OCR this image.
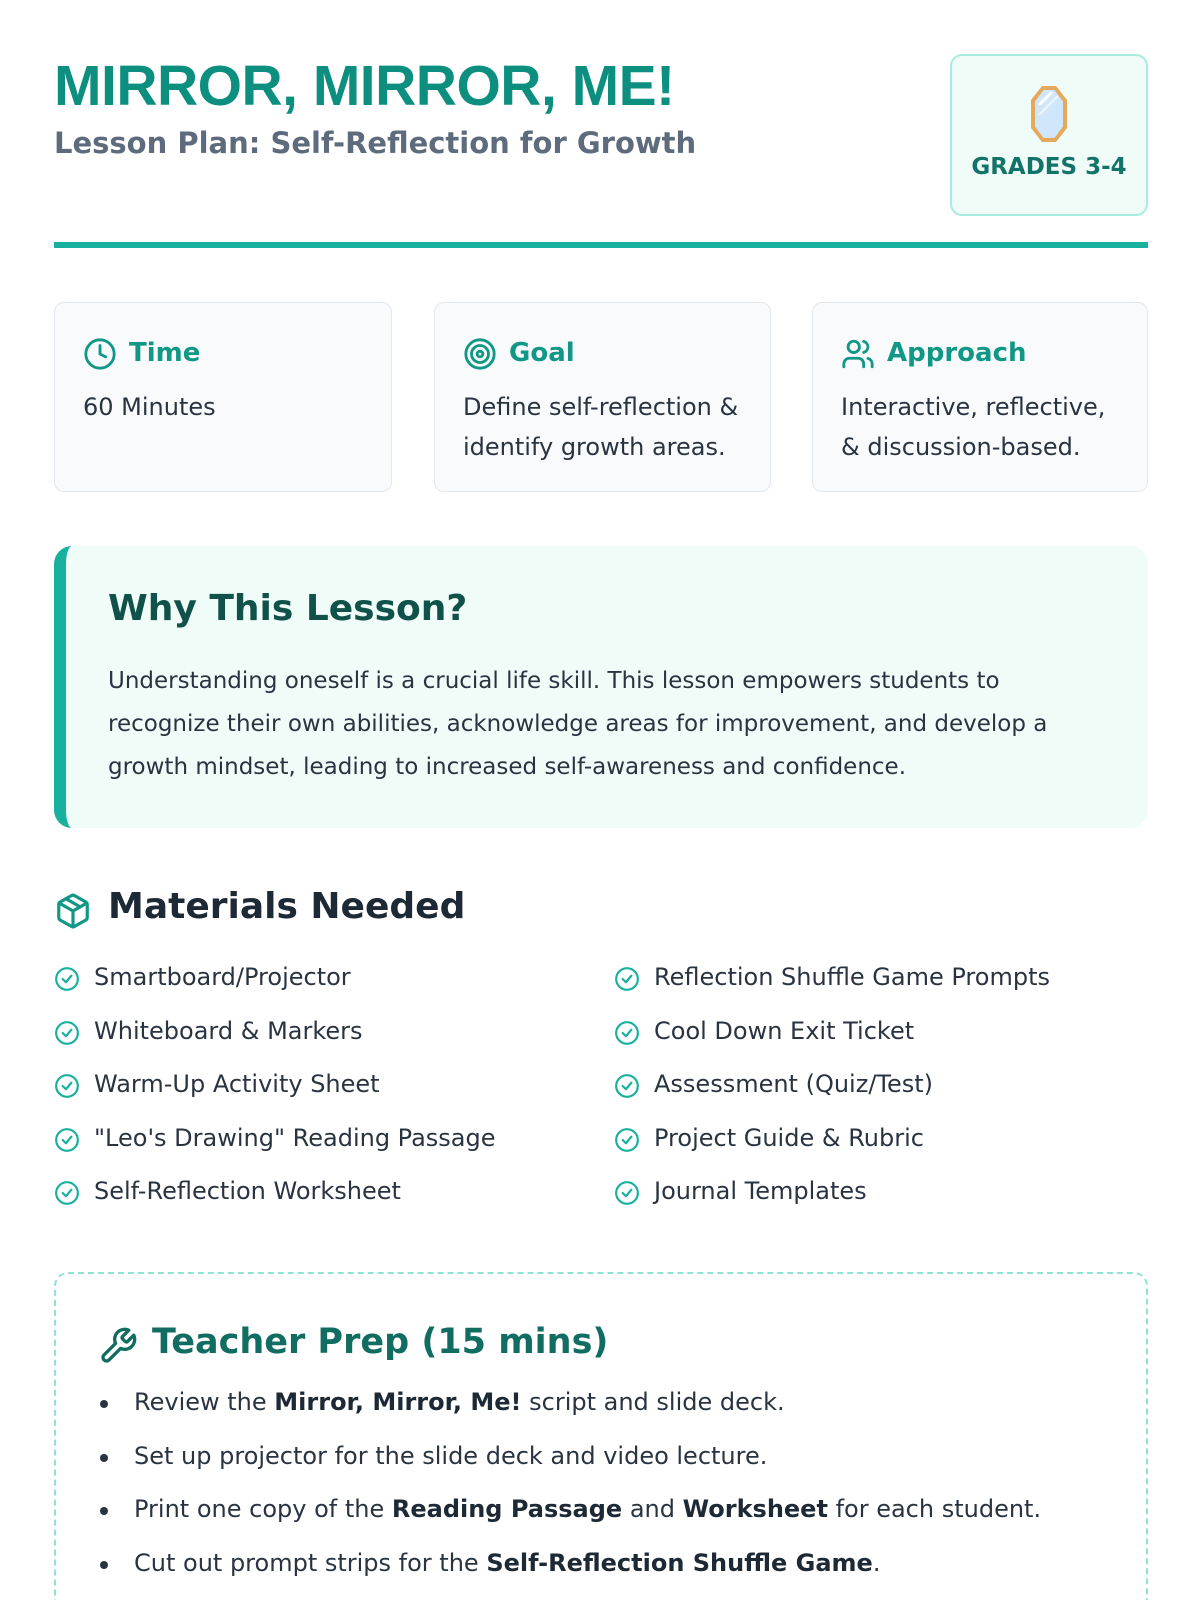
MIRROR, MIRROR, ME!
Lesson Plan: Self-Reflection for Growth
GRADES 3-4
Time
60 Minutes
Goal
Define self-reflection & identify growth areas.
Approach
Interactive, reflective, & discussion-based.
Why This Lesson?
Understanding oneself is a crucial life skill. This lesson empowers students to recognize their own abilities, acknowledge areas for improvement, and develop a growth mindset, leading to increased self-awareness and confidence.
Materials Needed
Smartboard/Projector
Whiteboard & Markers
Warm-Up Activity Sheet
"Leo's Drawing" Reading Passage
Self-Reflection Worksheet
Reflection Shuffle Game Prompts
Cool Down Exit Ticket
Assessment (Quiz/Test)
Project Guide & Rubric
Journal Templates
Teacher Prep (15 mins)
Review the Mirror, Mirror, Me! script and slide deck.
Set up projector for the slide deck and video lecture.
Print one copy of the Reading Passage and Worksheet for each student.
Cut out prompt strips for the Self-Reflection Shuffle Game.
